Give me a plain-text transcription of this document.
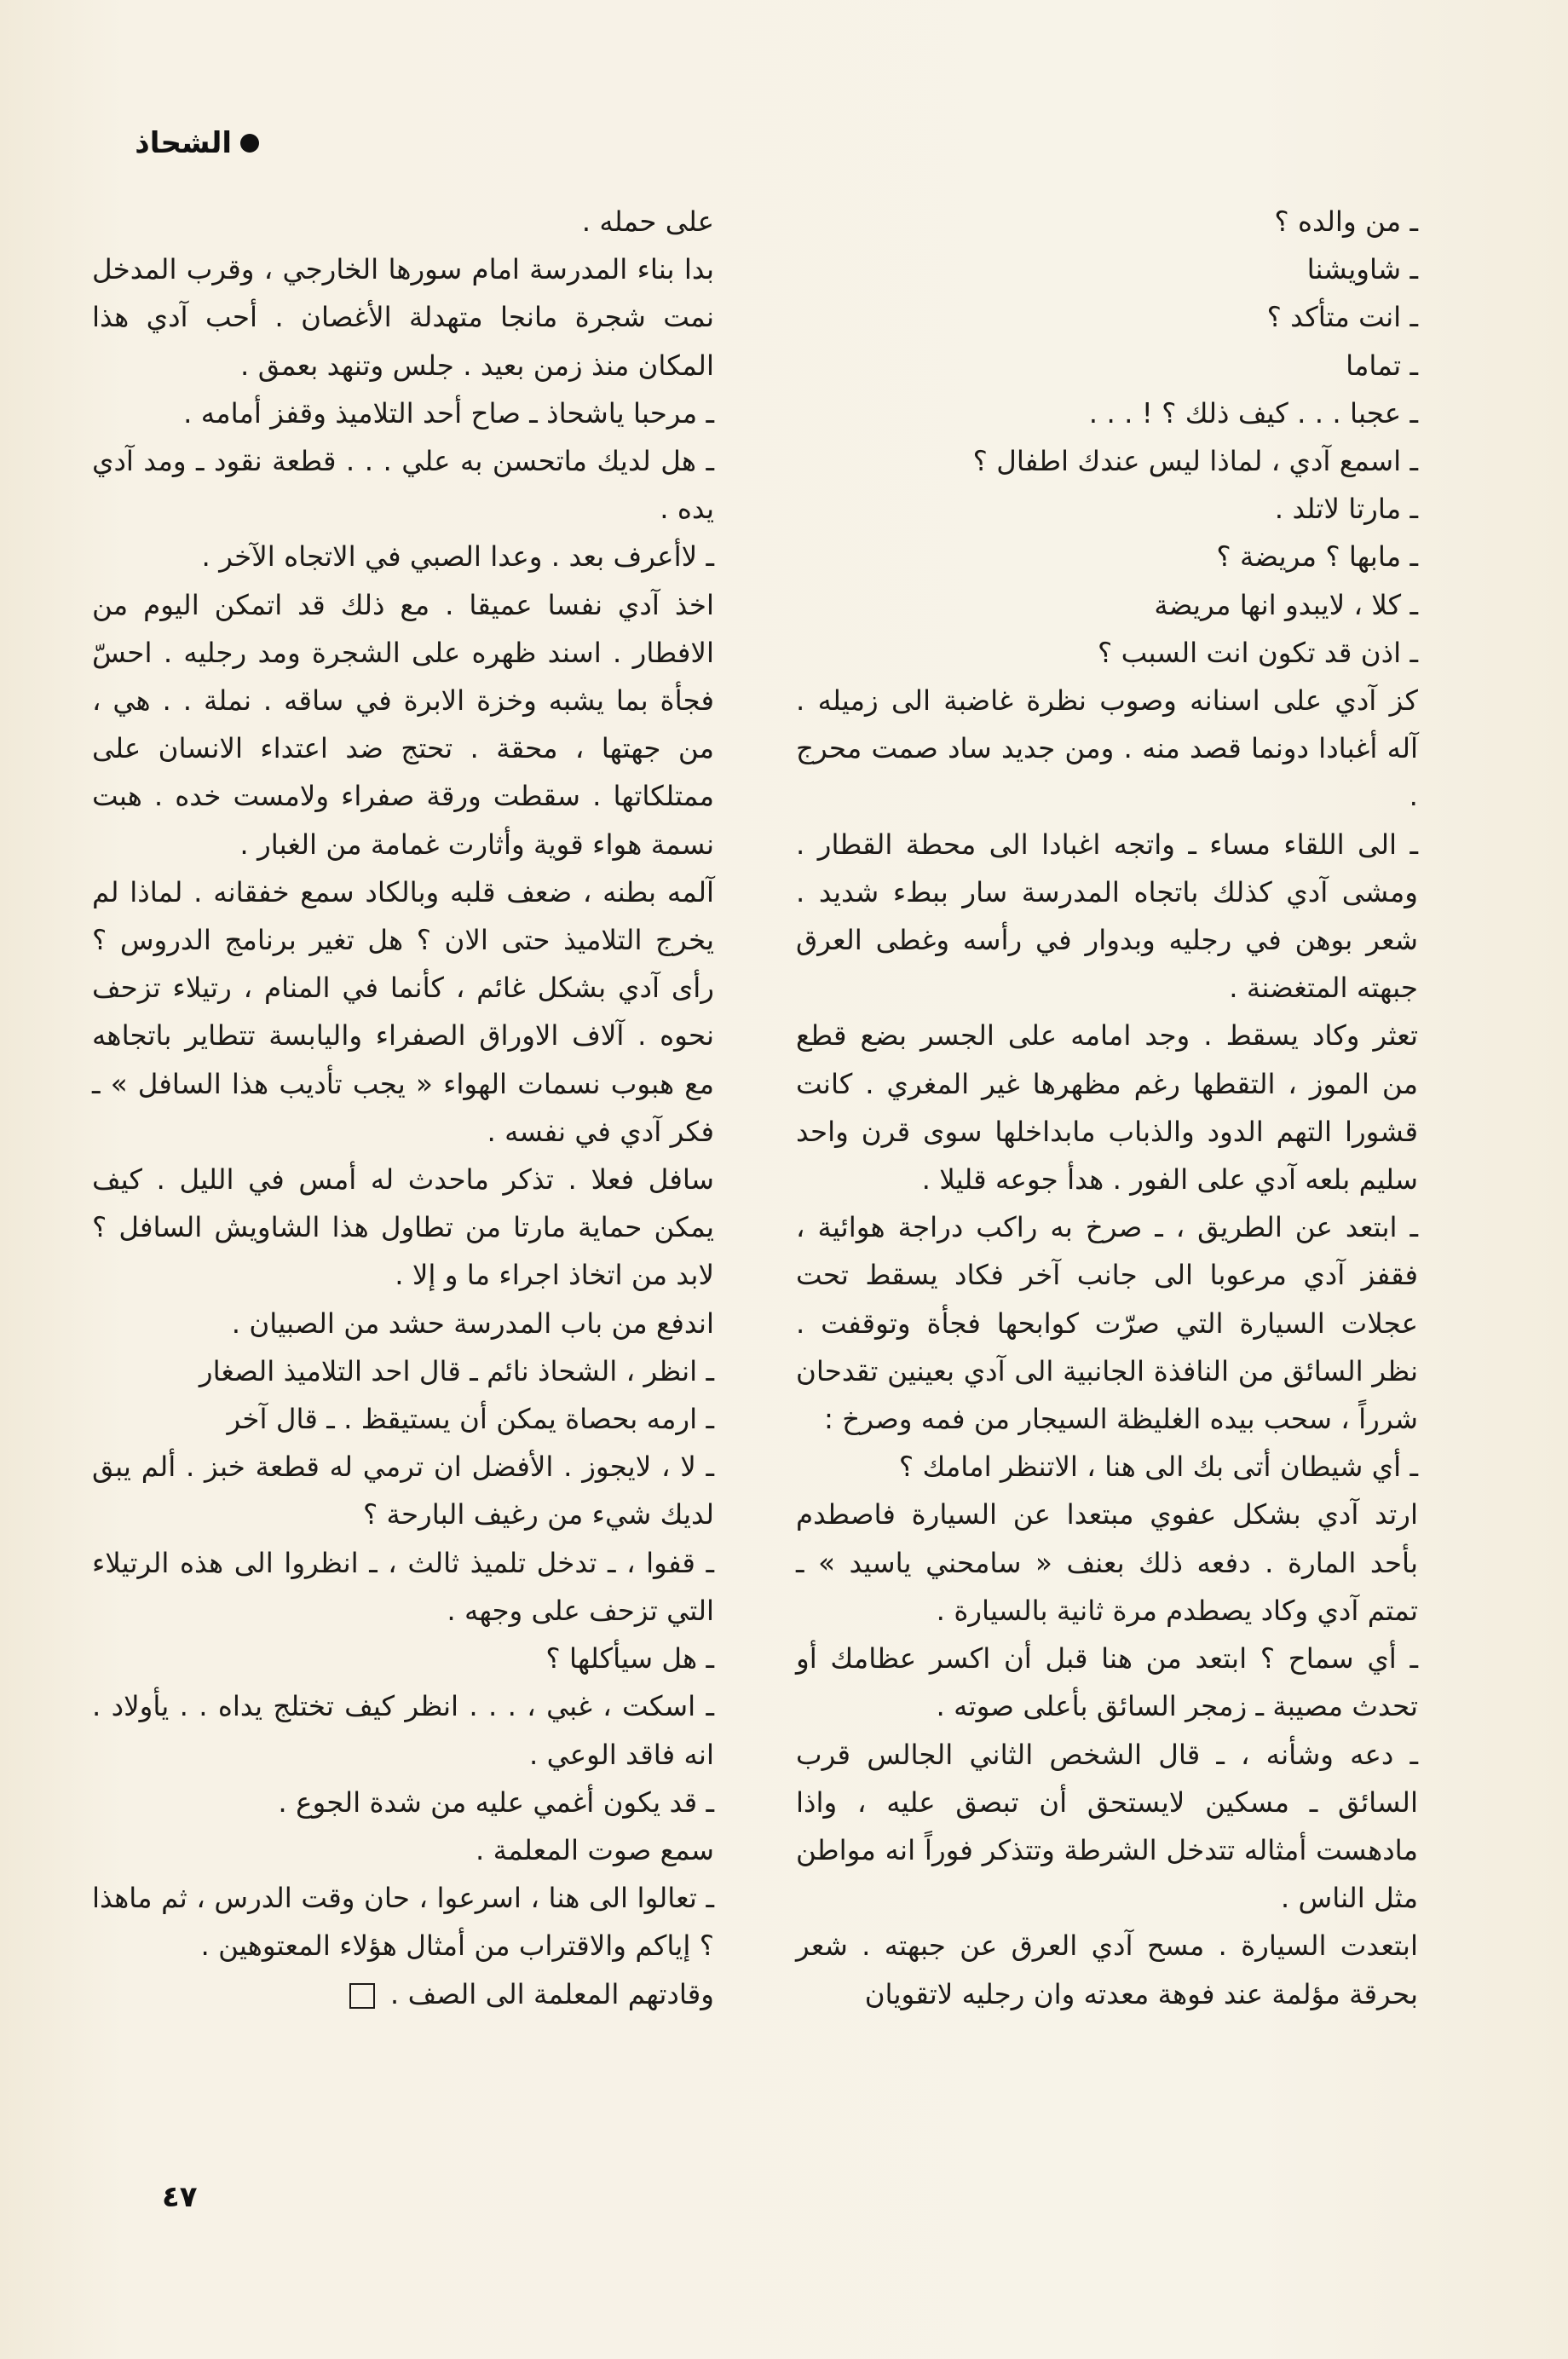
الشحاذ
ـ من والده ؟
ـ شاويشنا
ـ انت متأكد ؟
ـ تماما
ـ عجبا . . . كيف ذلك ؟ ! . . .
ـ اسمع آدي ، لماذا ليس عندك اطفال ؟
ـ مارتا لاتلد .
ـ مابها ؟ مريضة ؟
ـ كلا ، لايبدو انها مريضة
ـ اذن قد تكون انت السبب ؟
كز آدي على اسنانه وصوب نظرة غاضبة الى زميله . آله أغبادا دونما قصد منه . ومن جديد ساد صمت محرج .
ـ الى اللقاء مساء ـ واتجه اغبادا الى محطة القطار . ومشى آدي كذلك باتجاه المدرسة سار ببطء شديد . شعر بوهن في رجليه وبدوار في رأسه وغطى العرق جبهته المتغضنة .
تعثر وكاد يسقط . وجد امامه على الجسر بضع قطع من الموز ، التقطها رغم مظهرها غير المغري . كانت قشورا التهم الدود والذباب مابداخلها سوى قرن واحد سليم بلعه آدي على الفور . هدأ جوعه قليلا .
ـ ابتعد عن الطريق ، ـ صرخ به راكب دراجة هوائية ، فقفز آدي مرعوبا الى جانب آخر فكاد يسقط تحت عجلات السيارة التي صرّت كوابحها فجأة وتوقفت . نظر السائق من النافذة الجانبية الى آدي بعينين تقدحان شرراً ، سحب بيده الغليظة السيجار من فمه وصرخ :
ـ أي شيطان أتى بك الى هنا ، الاتنظر امامك ؟
ارتد آدي بشكل عفوي مبتعدا عن السيارة فاصطدم بأحد المارة . دفعه ذلك بعنف « سامحني ياسيد » ـ تمتم آدي وكاد يصطدم مرة ثانية بالسيارة .
ـ أي سماح ؟ ابتعد من هنا قبل أن اكسر عظامك أو تحدث مصيبة ـ زمجر السائق بأعلى صوته .
ـ دعه وشأنه ، ـ قال الشخص الثاني الجالس قرب السائق ـ مسكين لايستحق أن تبصق عليه ، واذا مادهست أمثاله تتدخل الشرطة وتتذكر فوراً انه مواطن مثل الناس .
ابتعدت السيارة . مسح آدي العرق عن جبهته . شعر بحرقة مؤلمة عند فوهة معدته وان رجليه لاتقويان
على حمله .
بدا بناء المدرسة امام سورها الخارجي ، وقرب المدخل نمت شجرة مانجا متهدلة الأغصان . أحب آدي هذا المكان منذ زمن بعيد . جلس وتنهد بعمق .
ـ مرحبا ياشحاذ ـ صاح أحد التلاميذ وقفز أمامه .
ـ هل لديك ماتحسن به علي . . . قطعة نقود ـ ومد آدي يده .
ـ لاأعرف بعد . وعدا الصبي في الاتجاه الآخر .
اخذ آدي نفسا عميقا . مع ذلك قد اتمكن اليوم من الافطار . اسند ظهره على الشجرة ومد رجليه . احسّ فجأة بما يشبه وخزة الابرة في ساقه . نملة . . هي ، من جهتها ، محقة . تحتج ضد اعتداء الانسان على ممتلكاتها . سقطت ورقة صفراء ولامست خده . هبت نسمة هواء قوية وأثارت غمامة من الغبار .
آلمه بطنه ، ضعف قلبه وبالكاد سمع خفقانه . لماذا لم يخرج التلاميذ حتى الان ؟ هل تغير برنامج الدروس ؟ رأى آدي بشكل غائم ، كأنما في المنام ، رتيلاء تزحف نحوه . آلاف الاوراق الصفراء واليابسة تتطاير باتجاهه مع هبوب نسمات الهواء « يجب تأديب هذا السافل » ـ فكر آدي في نفسه .
سافل فعلا . تذكر ماحدث له أمس في الليل . كيف يمكن حماية مارتا من تطاول هذا الشاويش السافل ؟ لابد من اتخاذ اجراء ما و إلا .
اندفع من باب المدرسة حشد من الصبيان .
ـ انظر ، الشحاذ نائم ـ قال احد التلاميذ الصغار
ـ ارمه بحصاة يمكن أن يستيقظ . ـ قال آخر
ـ لا ، لايجوز . الأفضل ان ترمي له قطعة خبز . ألم يبق لديك شيء من رغيف البارحة ؟
ـ قفوا ، ـ تدخل تلميذ ثالث ، ـ انظروا الى هذه الرتيلاء التي تزحف على وجهه .
ـ هل سيأكلها ؟
ـ اسكت ، غبي ، . . . انظر كيف تختلج يداه . . يأولاد . انه فاقد الوعي .
ـ قد يكون أغمي عليه من شدة الجوع .
سمع صوت المعلمة .
ـ تعالوا الى هنا ، اسرعوا ، حان وقت الدرس ، ثم ماهذا ؟ إياكم والاقتراب من أمثال هؤلاء المعتوهين .
وقادتهم المعلمة الى الصف .
٤٧
